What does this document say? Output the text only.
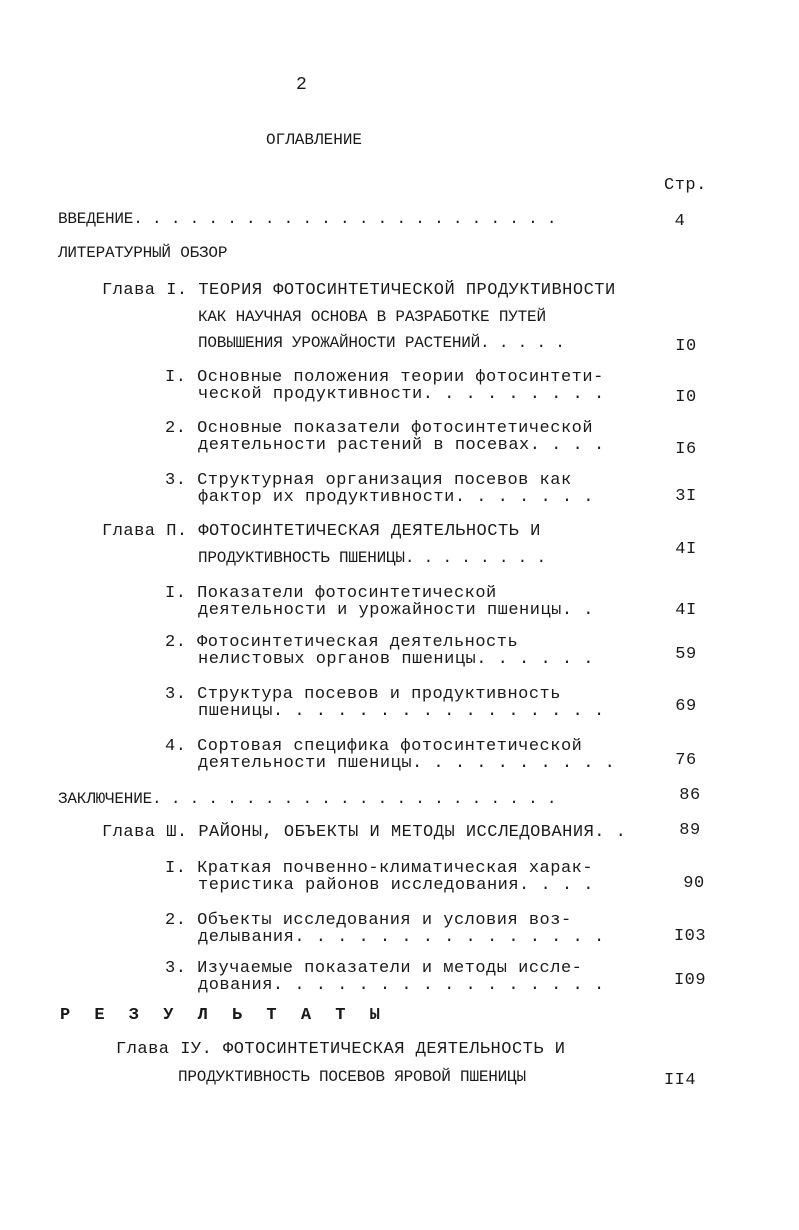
2
ОГЛАВЛЕНИЕ
Стр.
ВВЕДЕНИЕ. . . . . . . . . . . . . . . . . . . . . . .	4
ЛИТЕРАТУРНЫЙ ОБЗОР
Глава I. ТЕОРИЯ ФОТОСИНТЕТИЧЕСКОЙ ПРОДУКТИВНОСТИ
КАК НАУЧНАЯ ОСНОВА В РАЗРАБОТКЕ ПУТЕЙ
ПОВЫШЕНИЯ УРОЖАЙНОСТИ РАСТЕНИЙ. . . . .	I0
I. Основные положения теории фотосинтети-
ческой продуктивности. . . . . . . . .	I0
2. Основные показатели фотосинтетической
деятельности растений в посевах. . . .	I6
3. Структурная организация посевов как
фактор их продуктивности. . . . . . .	3I
Глава П. ФОТОСИНТЕТИЧЕСКАЯ ДЕЯТЕЛЬНОСТЬ И
ПРОДУКТИВНОСТЬ ПШЕНИЦЫ. . . . . . . .	4I
I. Показатели фотосинтетической
деятельности и урожайности пшеницы. .	4I
2. Фотосинтетическая деятельность
нелистовых органов пшеницы. . . . . .	59
3. Структура посевов и продуктивность
пшеницы. . . . . . . . . . . . . . . .	69
4. Сортовая специфика фотосинтетической
деятельности пшеницы. . . . . . . . . .	76
ЗАКЛЮЧЕНИЕ. . . . . . . . . . . . . . . . . . . . . .	86
Глава Ш. РАЙОНЫ, ОБЪЕКТЫ И МЕТОДЫ ИССЛЕДОВАНИЯ. .	89
I. Краткая почвенно-климатическая харак-
теристика районов исследования. . . .	90
2. Объекты исследования и условия воз-
делывания. . . . . . . . . . . . . . .	I03
3. Изучаемые показатели и методы иссле-
дования. . . . . . . . . . . . . . . .	I09
Р Е З У Л Ь Т А Т Ы
Глава IУ. ФОТОСИНТЕТИЧЕСКАЯ ДЕЯТЕЛЬНОСТЬ И
ПРОДУКТИВНОСТЬ ПОСЕВОВ ЯРОВОЙ ПШЕНИЦЫ	II4
